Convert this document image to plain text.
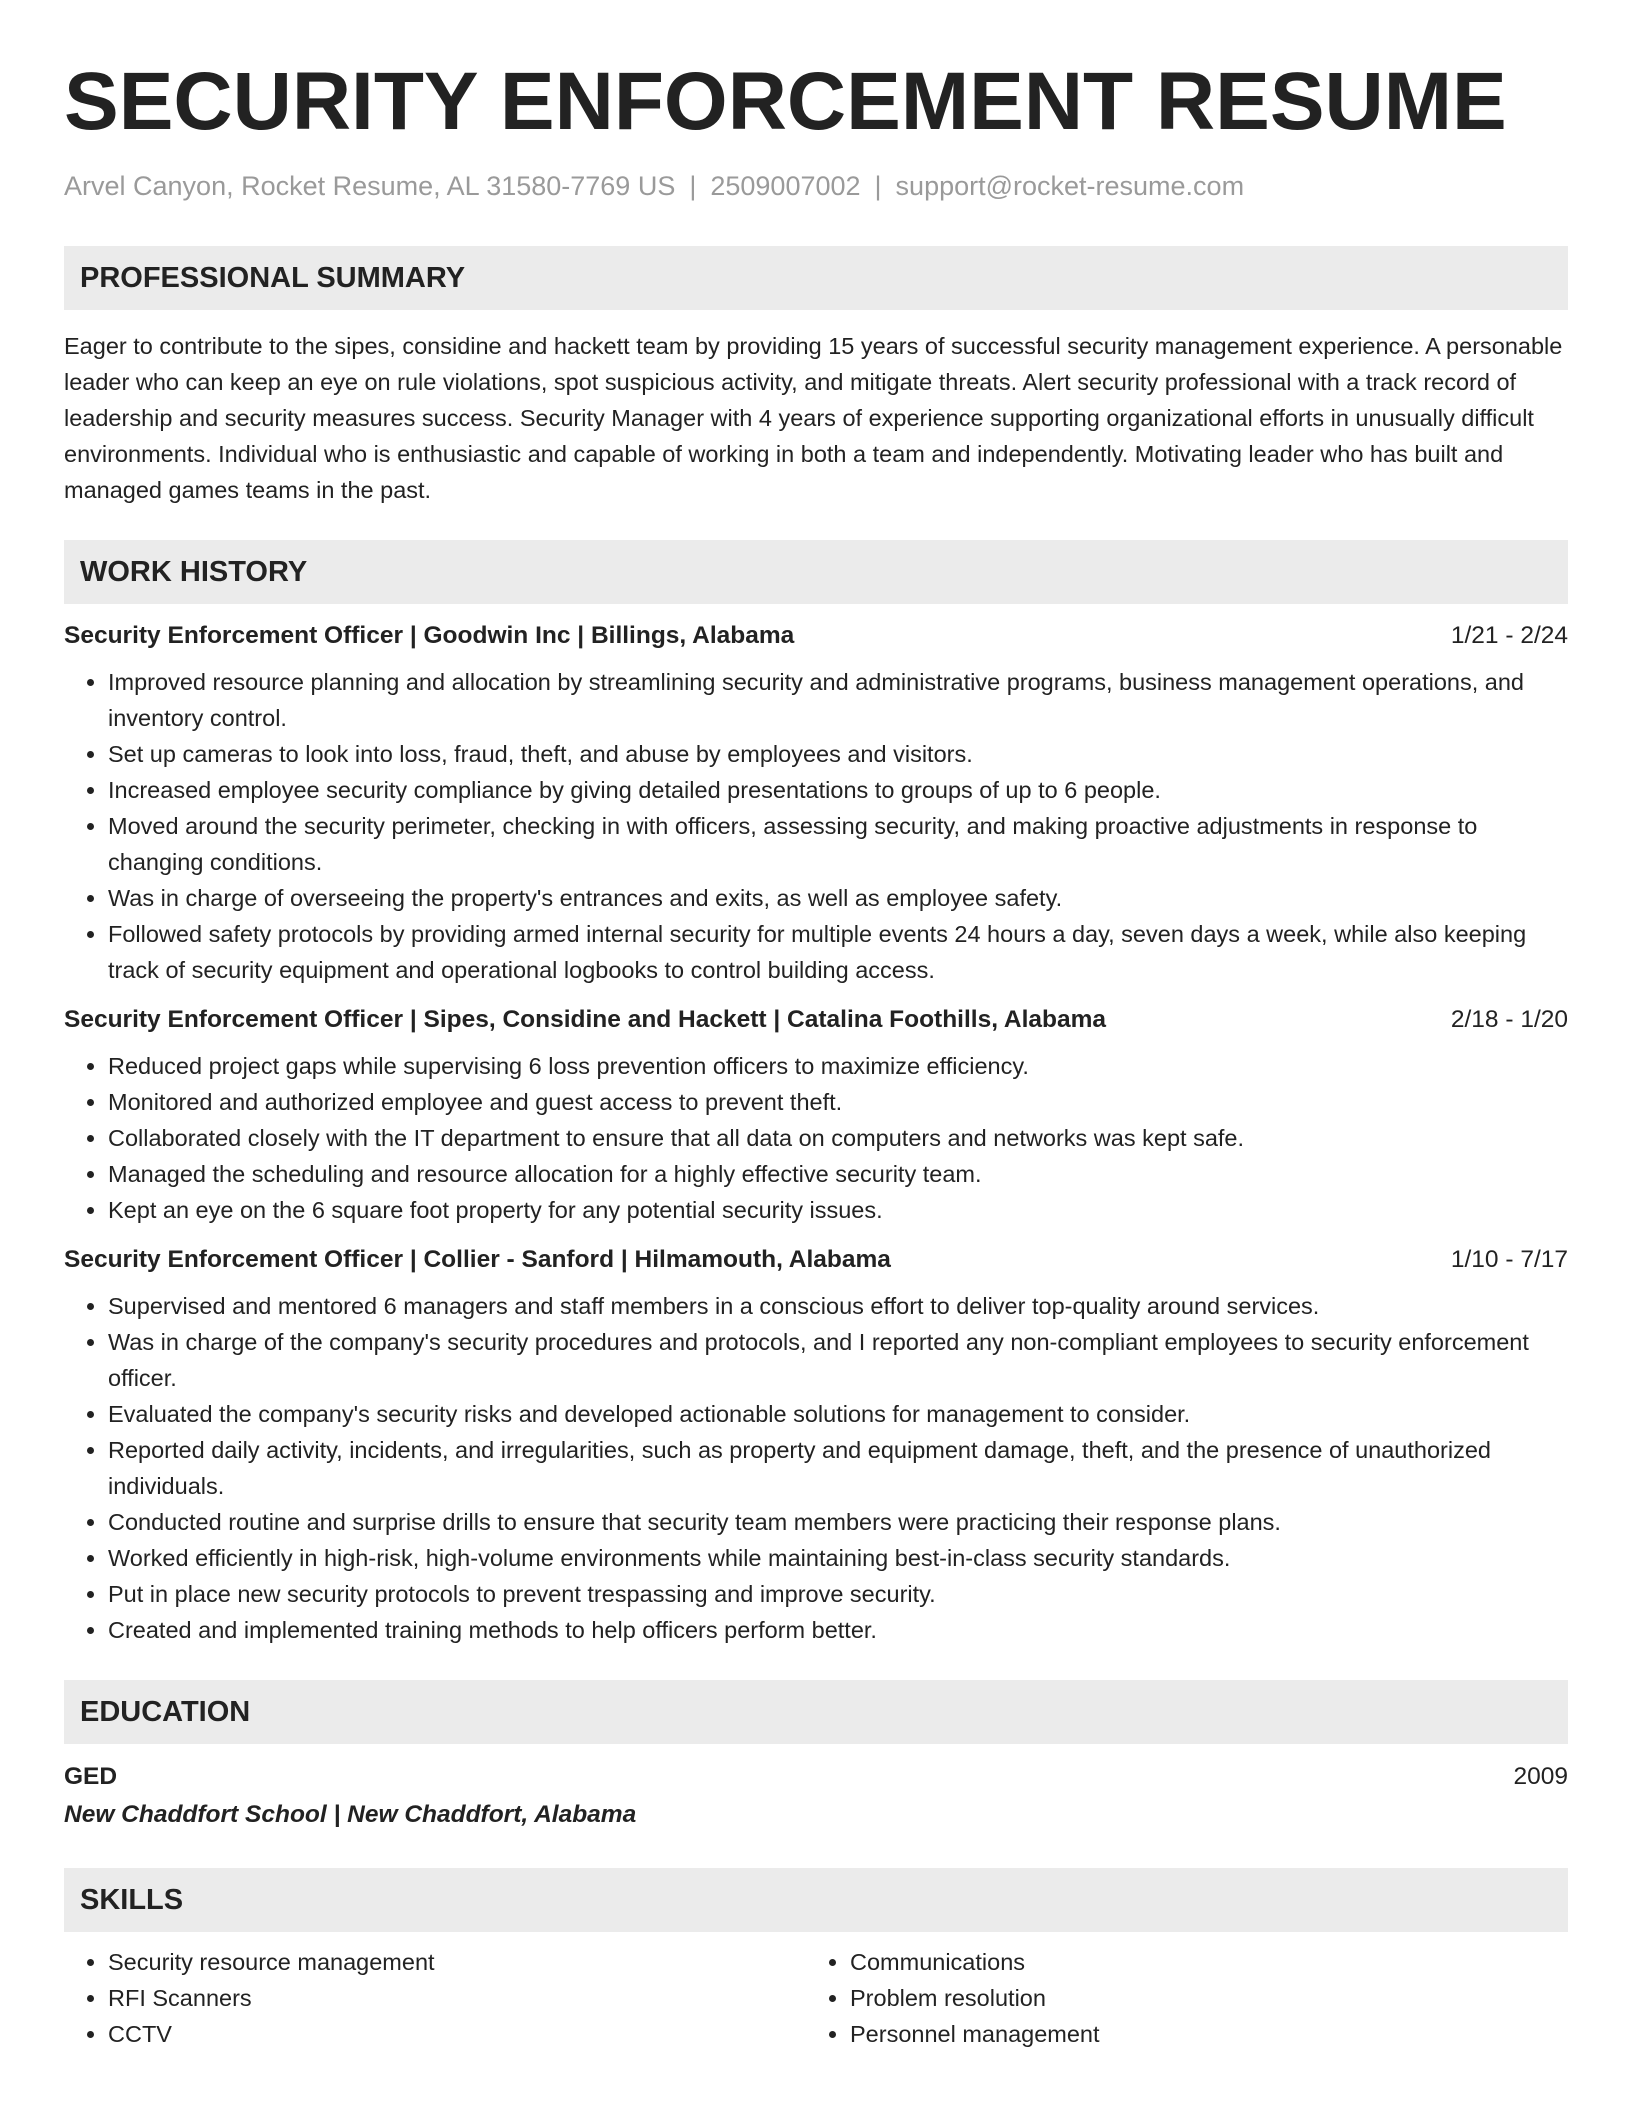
SECURITY ENFORCEMENT RESUME
Arvel Canyon, Rocket Resume, AL 31580-7769 US | 2509007002 | support@rocket-resume.com
PROFESSIONAL SUMMARY

Eager to contribute to the sipes, considine and hackett team by providing 15 years of successful security management experience. A personable leader who can keep an eye on rule violations, spot suspicious activity, and mitigate threats. Alert security professional with a track record of leadership and security measures success. Security Manager with 4 years of experience supporting organizational efforts in unusually difficult environments. Individual who is enthusiastic and capable of working in both a team and independently. Motivating leader who has built and managed games teams in the past.

WORK HISTORY
Security Enforcement Officer | Goodwin Inc | Billings, Alabama	1/21 - 2/24
• Improved resource planning and allocation by streamlining security and administrative programs, business management operations, and inventory control.
• Set up cameras to look into loss, fraud, theft, and abuse by employees and visitors.
• Increased employee security compliance by giving detailed presentations to groups of up to 6 people.
• Moved around the security perimeter, checking in with officers, assessing security, and making proactive adjustments in response to changing conditions.
• Was in charge of overseeing the property's entrances and exits, as well as employee safety.
• Followed safety protocols by providing armed internal security for multiple events 24 hours a day, seven days a week, while also keeping track of security equipment and operational logbooks to control building access.
Security Enforcement Officer | Sipes, Considine and Hackett | Catalina Foothills, Alabama	2/18 - 1/20
• Reduced project gaps while supervising 6 loss prevention officers to maximize efficiency.
• Monitored and authorized employee and guest access to prevent theft.
• Collaborated closely with the IT department to ensure that all data on computers and networks was kept safe.
• Managed the scheduling and resource allocation for a highly effective security team.
• Kept an eye on the 6 square foot property for any potential security issues.
Security Enforcement Officer | Collier - Sanford | Hilmamouth, Alabama	1/10 - 7/17
• Supervised and mentored 6 managers and staff members in a conscious effort to deliver top-quality around services.
• Was in charge of the company's security procedures and protocols, and I reported any non-compliant employees to security enforcement officer.
• Evaluated the company's security risks and developed actionable solutions for management to consider.
• Reported daily activity, incidents, and irregularities, such as property and equipment damage, theft, and the presence of unauthorized individuals.
• Conducted routine and surprise drills to ensure that security team members were practicing their response plans.
• Worked efficiently in high-risk, high-volume environments while maintaining best-in-class security standards.
• Put in place new security protocols to prevent trespassing and improve security.
• Created and implemented training methods to help officers perform better.
EDUCATION
GED	2009
New Chaddfort School | New Chaddfort, Alabama
SKILLS
• Security resource management
• RFI Scanners
• CCTV
• Communications
• Problem resolution
• Personnel management
